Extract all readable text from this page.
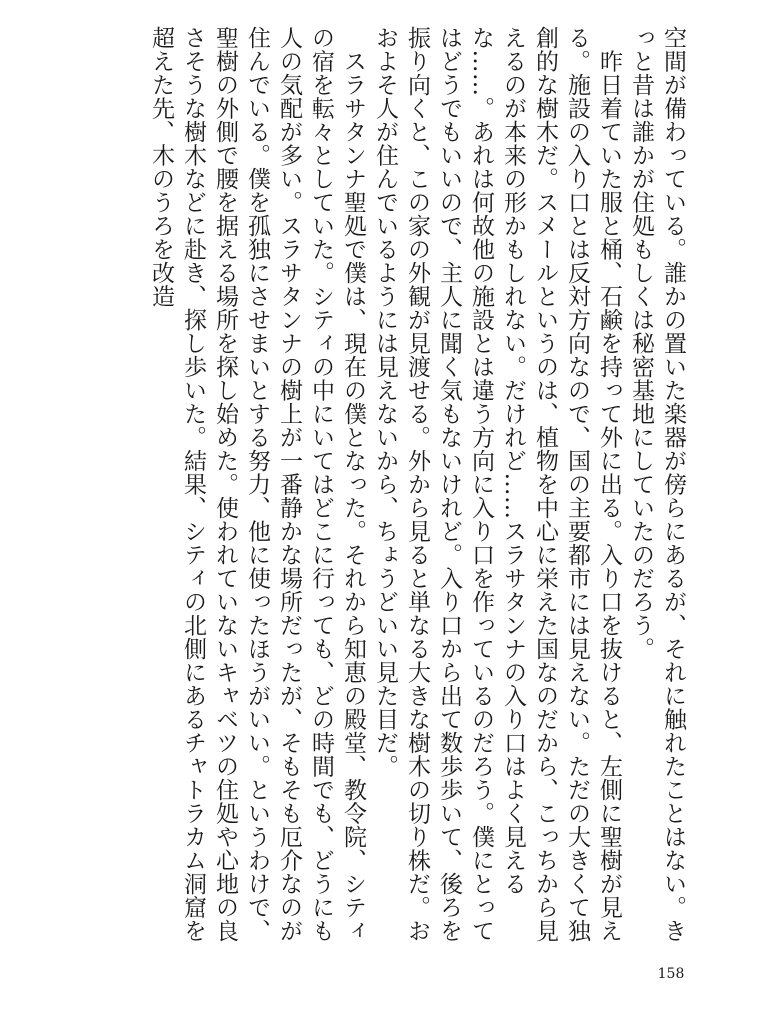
空間が備わっている。誰かの置いた楽器が傍らにあるが、それに触れたことはない。きっと昔は誰かが住処もしくは秘密基地にしていたのだろう。

　昨日着ていた服と桶、石鹸を持って外に出る。入り口を抜けると、左側に聖樹が見える。施設の入り口とは反対方向なので、国の主要都市には見えない。ただの大きくて独創的な樹木だ。スメールというのは、植物を中心に栄えた国なのだから、こっちから見えるのが本来の形かもしれない。だけれど……スラサタンナの入り口はよく見えるな……。あれは何故他の施設とは違う方向に入り口を作っているのだろう。僕にとってはどうでもいいので、主人に聞く気もないけれど。入り口から出て数歩歩いて、後ろを振り向くと、この家の外観が見渡せる。外から見ると単なる大きな樹木の切り株だ。おおよそ人が住んでいるようには見えないから、ちょうどいい見た目だ。

　スラサタンナ聖処で僕は、現在の僕となった。それから知恵の殿堂、教令院、シティの宿を転々としていた。シティの中にいてはどこに行っても、どの時間でも、どうにも人の気配が多い。スラサタンナの樹上が一番静かな場所だったが、そもそも厄介なのが住んでいる。僕を孤独にさせまいとする努力、他に使ったほうがいい。というわけで、聖樹の外側で腰を据える場所を探し始めた。使われていないキャベツの住処や心地の良さそうな樹木などに赴き、探し歩いた。結果、シティの北側にあるチャトラカム洞窟を超えた先、木のうろを改造

158
